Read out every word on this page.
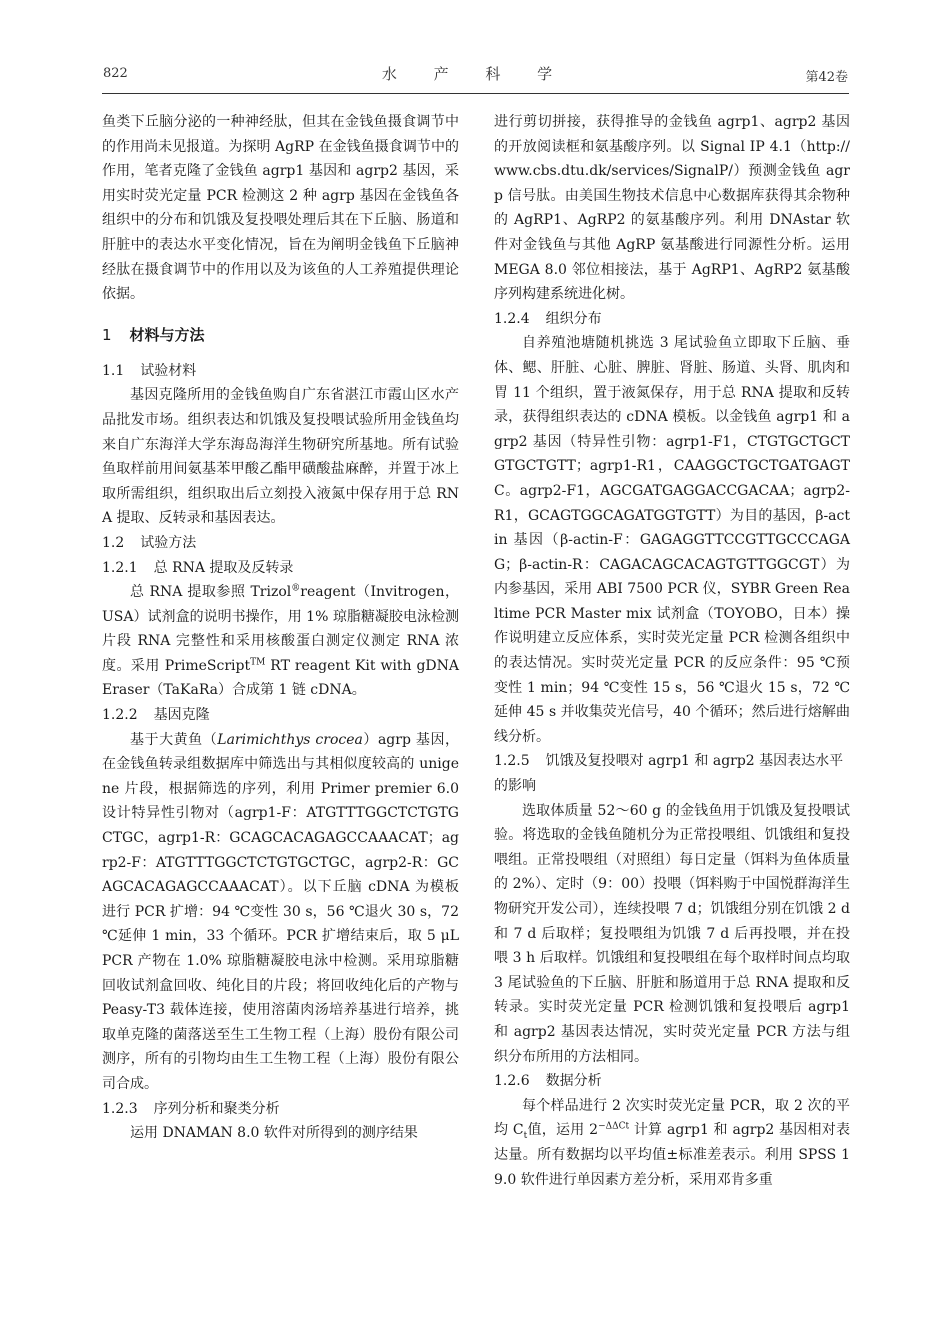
822	水 产 科 学	第42卷

鱼类下丘脑分泌的一种神经肽，但其在金钱鱼摄食调节中的作用尚未见报道。为探明 AgRP 在金钱鱼摄食调节中的作用，笔者克隆了金钱鱼 agrp1 基因和 agrp2 基因，采用实时荧光定量 PCR 检测这 2 种 agrp 基因在金钱鱼各组织中的分布和饥饿及复投喂处理后其在下丘脑、肠道和肝脏中的表达水平变化情况，旨在为阐明金钱鱼下丘脑神经肽在摄食调节中的作用以及为该鱼的人工养殖提供理论依据。

1 材料与方法
1.1 试验材料

基因克隆所用的金钱鱼购自广东省湛江市霞山区水产品批发市场。组织表达和饥饿及复投喂试验所用金钱鱼均来自广东海洋大学东海岛海洋生物研究所基地。所有试验鱼取样前用间氨基苯甲酸乙酯甲磺酸盐麻醉，并置于冰上取所需组织，组织取出后立刻投入液氮中保存用于总 RNA 提取、反转录和基因表达。

1.2 试验方法
1.2.1 总 RNA 提取及反转录

总 RNA 提取参照 Trizol®reagent（Invitrogen，USA）试剂盒的说明书操作，用 1% 琼脂糖凝胶电泳检测片段 RNA 完整性和采用核酸蛋白测定仪测定 RNA 浓度。采用 PrimeScript™ RT reagent Kit with gDNA Eraser（TaKaRa）合成第 1 链 cDNA。

1.2.2 基因克隆

基于大黄鱼（Larimichthys crocea）agrp 基因，在金钱鱼转录组数据库中筛选出与其相似度较高的 unigene 片段，根据筛选的序列，利用 Primer premier 6.0 设计特异性引物对（agrp1-F：ATGTTTGGCTCTGTGCTGC，agrp1-R：GCAGCACAGAGCCAAACAT；agrp2-F：ATGTTTGGCTCTGTGCTGC，agrp2-R：GCAGCACAGAGCCAAACAT）。以下丘脑 cDNA 为模板进行 PCR 扩增：94 ℃变性 30 s，56 ℃退火 30 s，72 ℃延伸 1 min，33 个循环。PCR 扩增结束后，取 5 μL PCR 产物在 1.0% 琼脂糖凝胶电泳中检测。采用琼脂糖回收试剂盒回收、纯化目的片段；将回收纯化后的产物与 Peasy-T3 载体连接，使用溶菌肉汤培养基进行培养，挑取单克隆的菌落送至生工生物工程（上海）股份有限公司测序，所有的引物均由生工生物工程（上海）股份有限公司合成。

1.2.3 序列分析和聚类分析

运用 DNAMAN 8.0 软件对所得到的测序结果

进行剪切拼接，获得推导的金钱鱼 agrp1、agrp2 基因的开放阅读框和氨基酸序列。以 Signal IP 4.1（http://www.cbs.dtu.dk/services/SignalP/）预测金钱鱼 agrp 信号肽。由美国生物技术信息中心数据库获得其余物种的 AgRP1、AgRP2 的氨基酸序列。利用 DNAstar 软件对金钱鱼与其他 AgRP 氨基酸进行同源性分析。运用 MEGA 8.0 邻位相接法，基于 AgRP1、AgRP2 氨基酸序列构建系统进化树。

1.2.4 组织分布

自养殖池塘随机挑选 3 尾试验鱼立即取下丘脑、垂体、鳃、肝脏、心脏、脾脏、肾脏、肠道、头肾、肌肉和胃 11 个组织，置于液氮保存，用于总 RNA 提取和反转录，获得组织表达的 cDNA 模板。以金钱鱼 agrp1 和 agrp2 基因（特异性引物：agrp1-F1，CTGTGCTGCTGTGCTGTT；agrp1-R1，CAAGGCTGCTGATGAGTC。agrp2-F1，AGCGATGAGGACCGACAA；agrp2-R1，GCAGTGGCAGATGGTGTT）为目的基因，β-actin 基因（β-actin-F：GAGAGGTTCCGTTGCCCAGAG；β-actin-R：CAGACAGCACAGTGTTGGCGT）为内参基因，采用 ABI 7500 PCR 仪，SYBR Green Realtime PCR Master mix 试剂盒（TOYOBO，日本）操作说明建立反应体系，实时荧光定量 PCR 检测各组织中的表达情况。实时荧光定量 PCR 的反应条件：95 ℃预变性 1 min；94 ℃变性 15 s，56 ℃退火 15 s，72 ℃延伸 45 s 并收集荧光信号，40 个循环；然后进行熔解曲线分析。

1.2.5 饥饿及复投喂对 agrp1 和 agrp2 基因表达水平的影响

选取体质量 52～60 g 的金钱鱼用于饥饿及复投喂试验。将选取的金钱鱼随机分为正常投喂组、饥饿组和复投喂组。正常投喂组（对照组）每日定量（饵料为鱼体质量的 2%）、定时（9：00）投喂（饵料购于中国悦群海洋生物研究开发公司），连续投喂 7 d；饥饿组分别在饥饿 2 d 和 7 d 后取样；复投喂组为饥饿 7 d 后再投喂，并在投喂 3 h 后取样。饥饿组和复投喂组在每个取样时间点均取 3 尾试验鱼的下丘脑、肝脏和肠道用于总 RNA 提取和反转录。实时荧光定量 PCR 检测饥饿和复投喂后 agrp1 和 agrp2 基因表达情况，实时荧光定量 PCR 方法与组织分布所用的方法相同。

1.2.6 数据分析

每个样品进行 2 次实时荧光定量 PCR，取 2 次的平均 $C_t$值，运用 $2^{-\Delta\Delta Ct}$ 计算 agrp1 和 agrp2 基因相对表达量。所有数据均以平均值±标准差表示。利用 SPSS 19.0 软件进行单因素方差分析，采用邓肯多重
